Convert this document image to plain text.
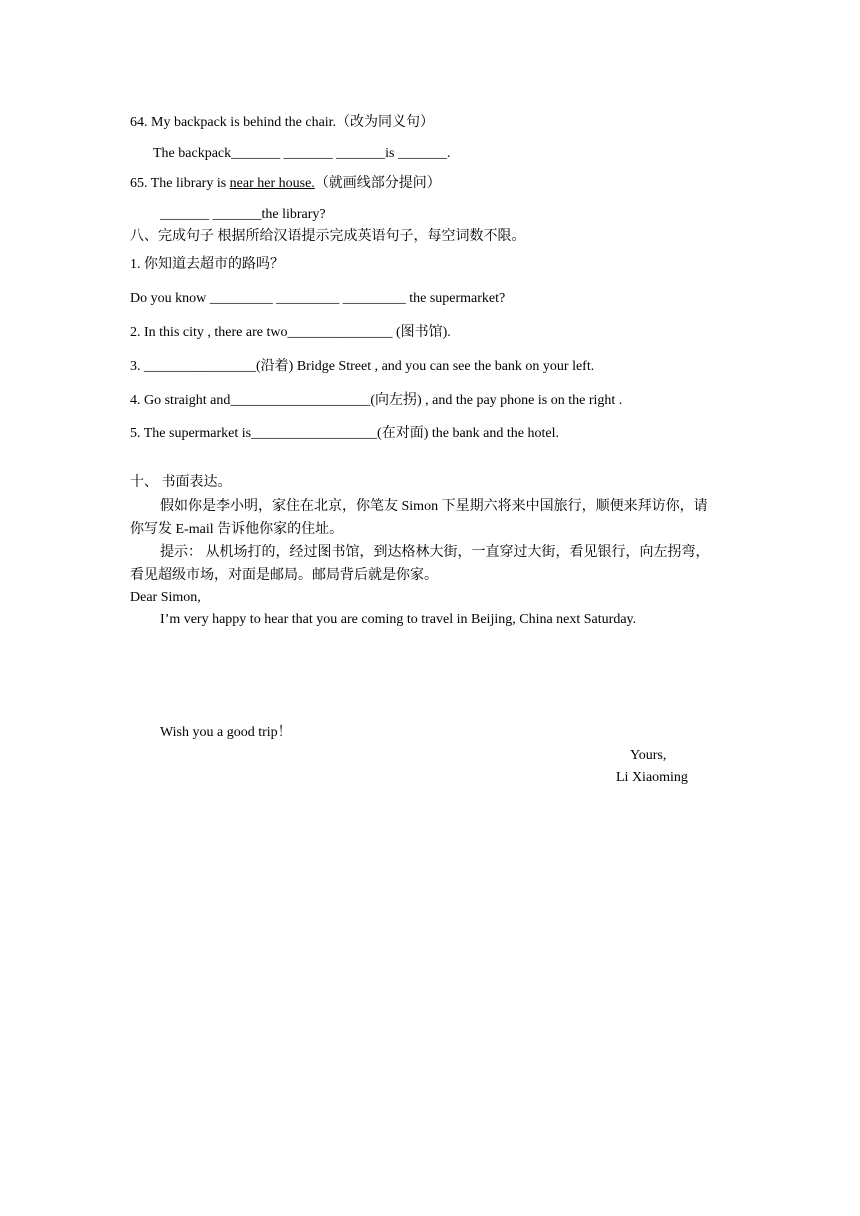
64. My backpack is behind the chair.（改为同义句）
The backpack_______ _______ _______is _______.
65. The library is near her house.（就画线部分提问）
_______ _______the library?
八、完成句子 根据所给汉语提示完成英语句子，每空词数不限。
1. 你知道去超市的路吗？
Do you know _________ _________ _________ the supermarket?
2. In this city , there are two_______________ (图书馆).
3. ________________(沿着) Bridge Street , and you can see the bank on your left.
4. Go straight and____________________(向左拐) , and the pay phone is on the right .
5. The supermarket is__________________(在对面) the bank and the hotel.
十、 书面表达。
假如你是李小明，家住在北京，你笔友 Simon 下星期六将来中国旅行，顺便来拜访你，请
你写发 E-mail 告诉他你家的住址。
提示： 从机场打的，经过图书馆，到达格林大街，一直穿过大街，看见银行，向左拐弯，
看见超级市场，对面是邮局。邮局背后就是你家。
Dear Simon,
I’m very happy to hear that you are coming to travel in Beijing, China next Saturday.
Wish you a good trip！
Yours,
Li Xiaoming
